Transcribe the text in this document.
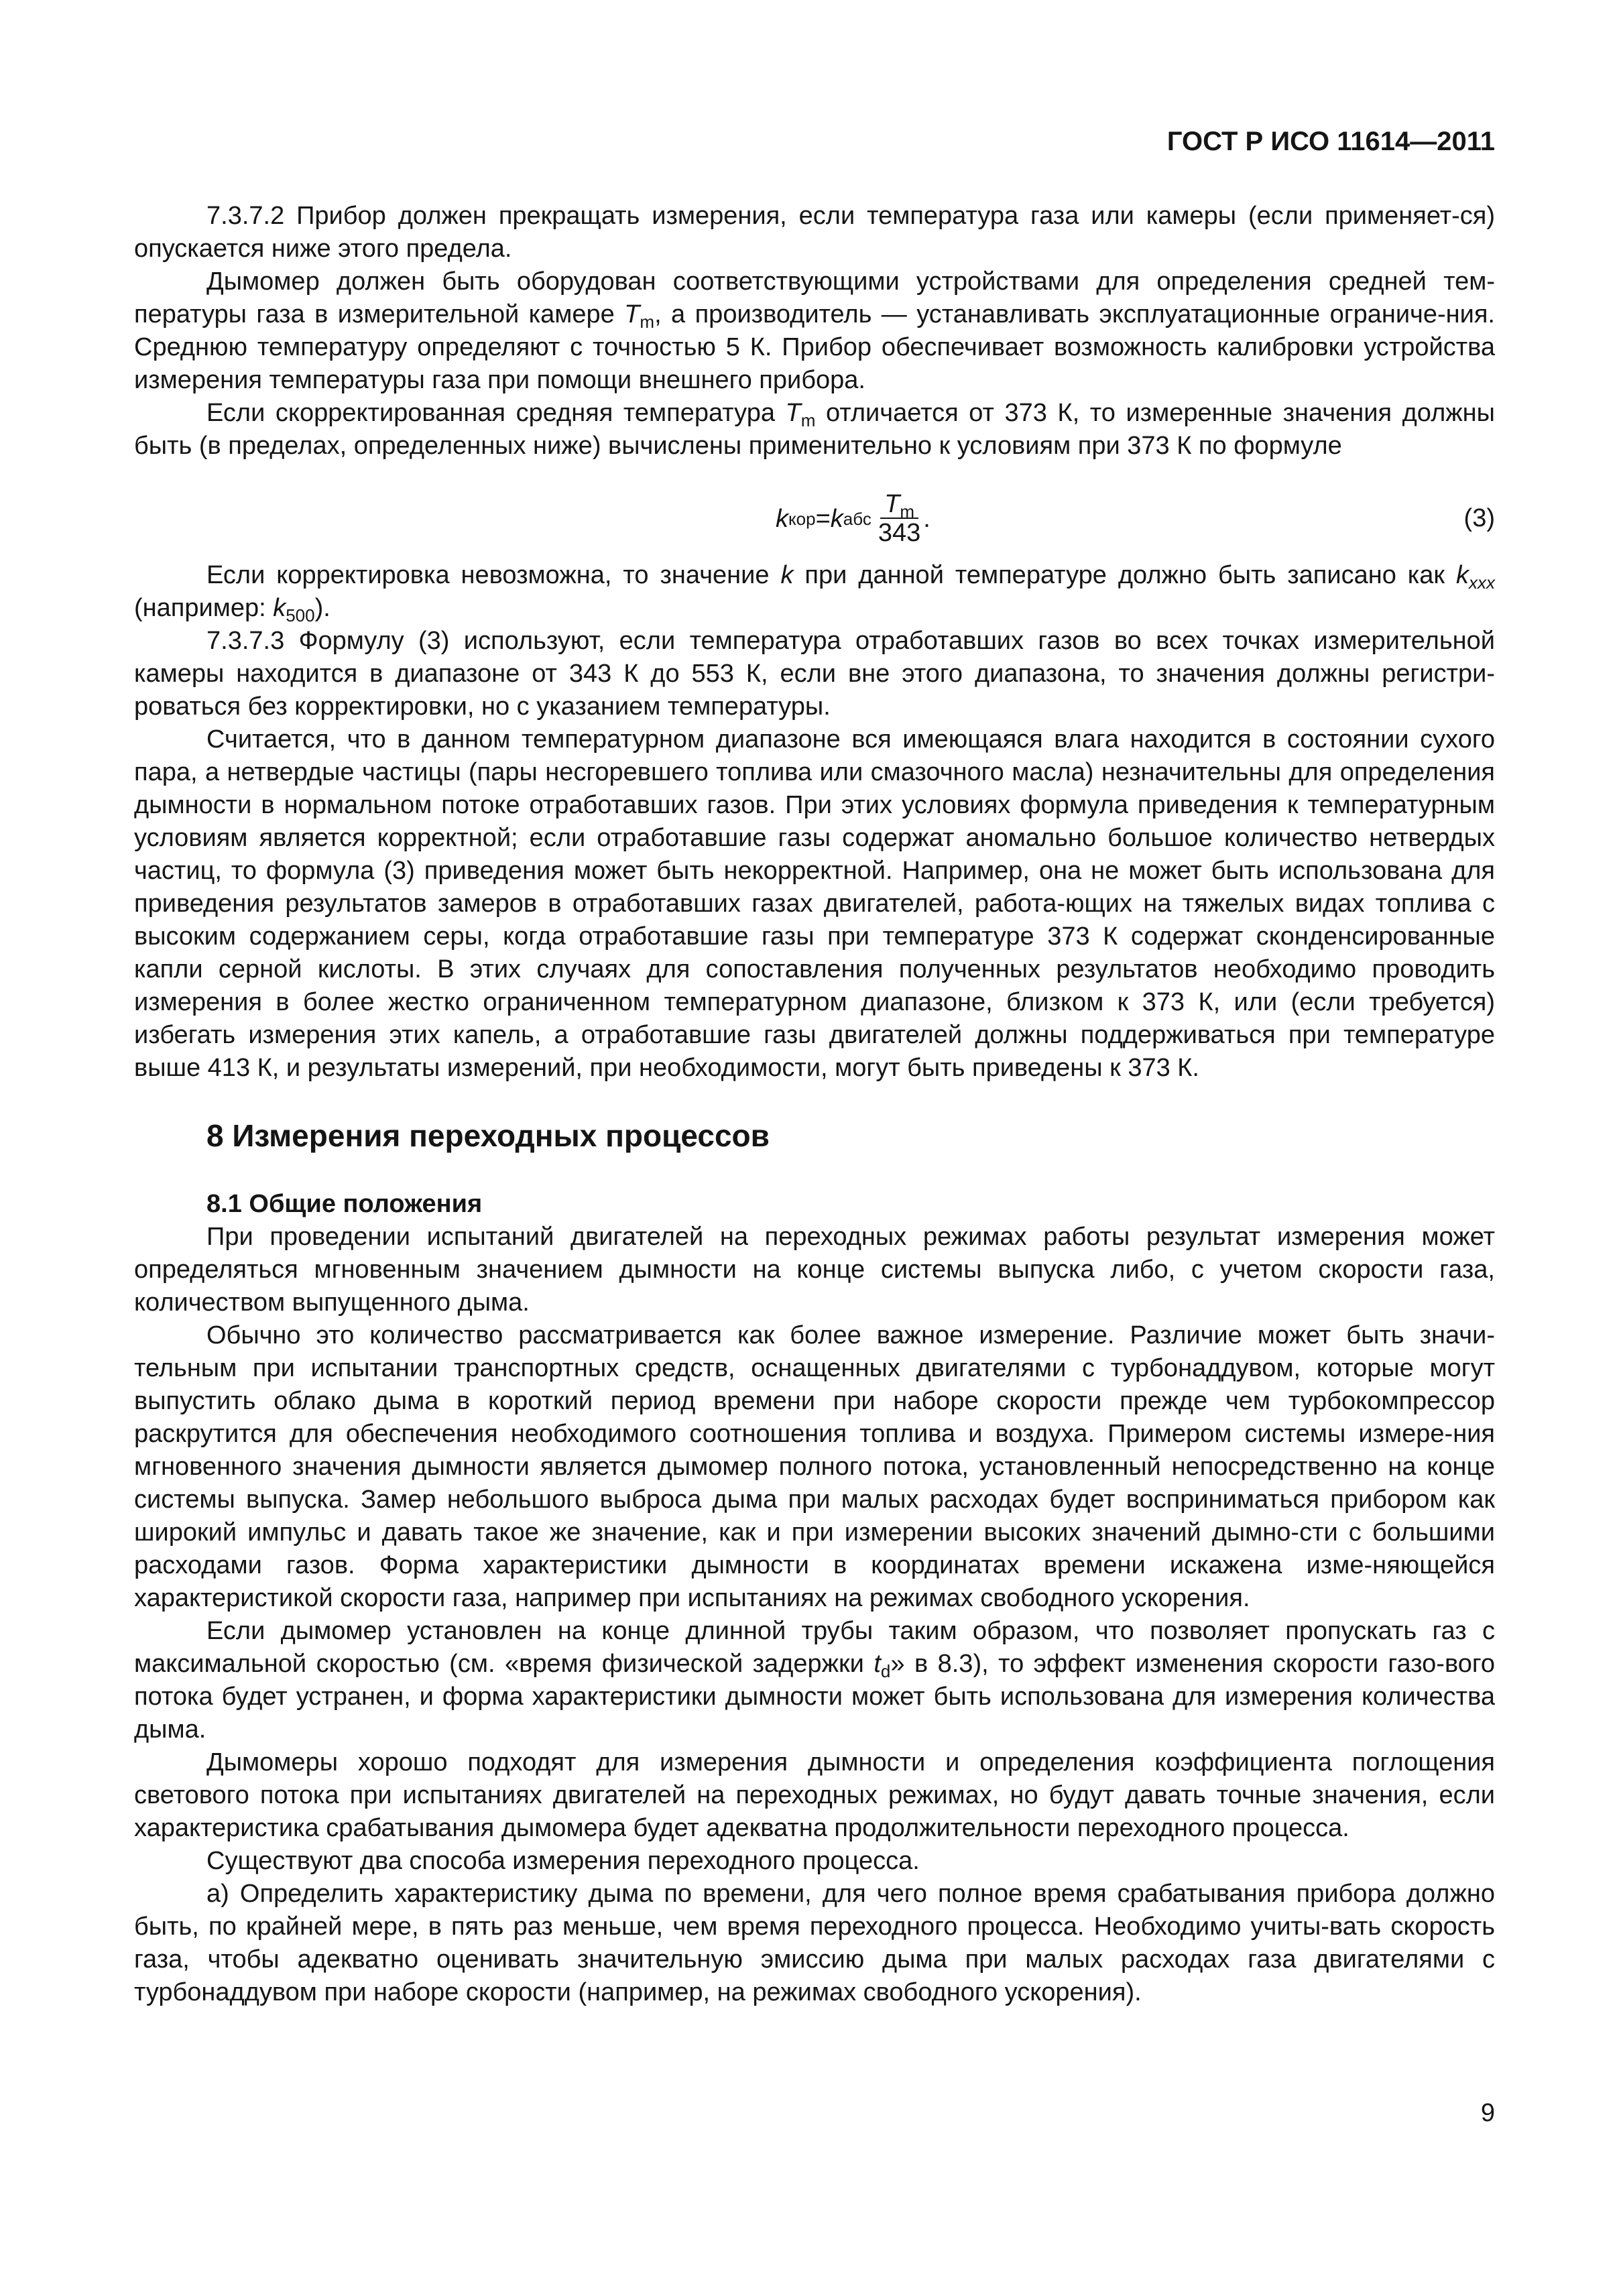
ГОСТ Р ИСО 11614—2011

7.3.7.2 Прибор должен прекращать измерения, если температура газа или камеры (если применяет-ся) опускается ниже этого предела.

Дымомер должен быть оборудован соответствующими устройствами для определения средней тем-пературы газа в измерительной камере $T_m$, а производитель — устанавливать эксплуатационные ограниче-ния. Среднюю температуру определяют с точностью 5 К. Прибор обеспечивает возможность калибровки устройства измерения температуры газа при помощи внешнего прибора.

Если скорректированная средняя температура $T_m$ отличается от 373 К, то измеренные значения должны быть (в пределах, определенных ниже) вычислены применительно к условиям при 373 К по формуле

k кор = k абс $\frac{T_m}{343}$ .	(3)

Если корректировка невозможна, то значение k при данной температуре должно быть записано как $k_{xxx}$ (например: $k_{500}$).

7.3.7.3 Формулу (3) используют, если температура отработавших газов во всех точках измерительной камеры находится в диапазоне от 343 К до 553 К, если вне этого диапазона, то значения должны регистри-роваться без корректировки, но с указанием температуры.

Считается, что в данном температурном диапазоне вся имеющаяся влага находится в состоянии сухого пара, а нетвердые частицы (пары несгоревшего топлива или смазочного масла) незначительны для определения дымности в нормальном потоке отработавших газов. При этих условиях формула приведения к температурным условиям является корректной; если отработавшие газы содержат аномально большое количество нетвердых частиц, то формула (3) приведения может быть некорректной. Например, она не может быть использована для приведения результатов замеров в отработавших газах двигателей, работа-ющих на тяжелых видах топлива с высоким содержанием серы, когда отработавшие газы при температуре 373 К содержат сконденсированные капли серной кислоты. В этих случаях для сопоставления полученных результатов необходимо проводить измерения в более жестко ограниченном температурном диапазоне, близком к 373 К, или (если требуется) избегать измерения этих капель, а отработавшие газы двигателей должны поддерживаться при температуре выше 413 К, и результаты измерений, при необходимости, могут быть приведены к 373 К.

8 Измерения переходных процессов
8.1 Общие положения

При проведении испытаний двигателей на переходных режимах работы результат измерения может определяться мгновенным значением дымности на конце системы выпуска либо, с учетом скорости газа, количеством выпущенного дыма.

Обычно это количество рассматривается как более важное измерение. Различие может быть значи-тельным при испытании транспортных средств, оснащенных двигателями с турбонаддувом, которые могут выпустить облако дыма в короткий период времени при наборе скорости прежде чем турбокомпрессор раскрутится для обеспечения необходимого соотношения топлива и воздуха. Примером системы измере-ния мгновенного значения дымности является дымомер полного потока, установленный непосредственно на конце системы выпуска. Замер небольшого выброса дыма при малых расходах будет восприниматься прибором как широкий импульс и давать такое же значение, как и при измерении высоких значений дымно-сти с большими расходами газов. Форма характеристики дымности в координатах времени искажена изме-няющейся характеристикой скорости газа, например при испытаниях на режимах свободного ускорения.

Если дымомер установлен на конце длинной трубы таким образом, что позволяет пропускать газ с максимальной скоростью (см. «время физической задержки $t_d$» в 8.3), то эффект изменения скорости газо-вого потока будет устранен, и форма характеристики дымности может быть использована для измерения количества дыма.

Дымомеры хорошо подходят для измерения дымности и определения коэффициента поглощения светового потока при испытаниях двигателей на переходных режимах, но будут давать точные значения, если характеристика срабатывания дымомера будет адекватна продолжительности переходного процесса.

Существуют два способа измерения переходного процесса.

а) Определить характеристику дыма по времени, для чего полное время срабатывания прибора должно быть, по крайней мере, в пять раз меньше, чем время переходного процесса. Необходимо учиты-вать скорость газа, чтобы адекватно оценивать значительную эмиссию дыма при малых расходах газа двигателями с турбонаддувом при наборе скорости (например, на режимах свободного ускорения).

9
